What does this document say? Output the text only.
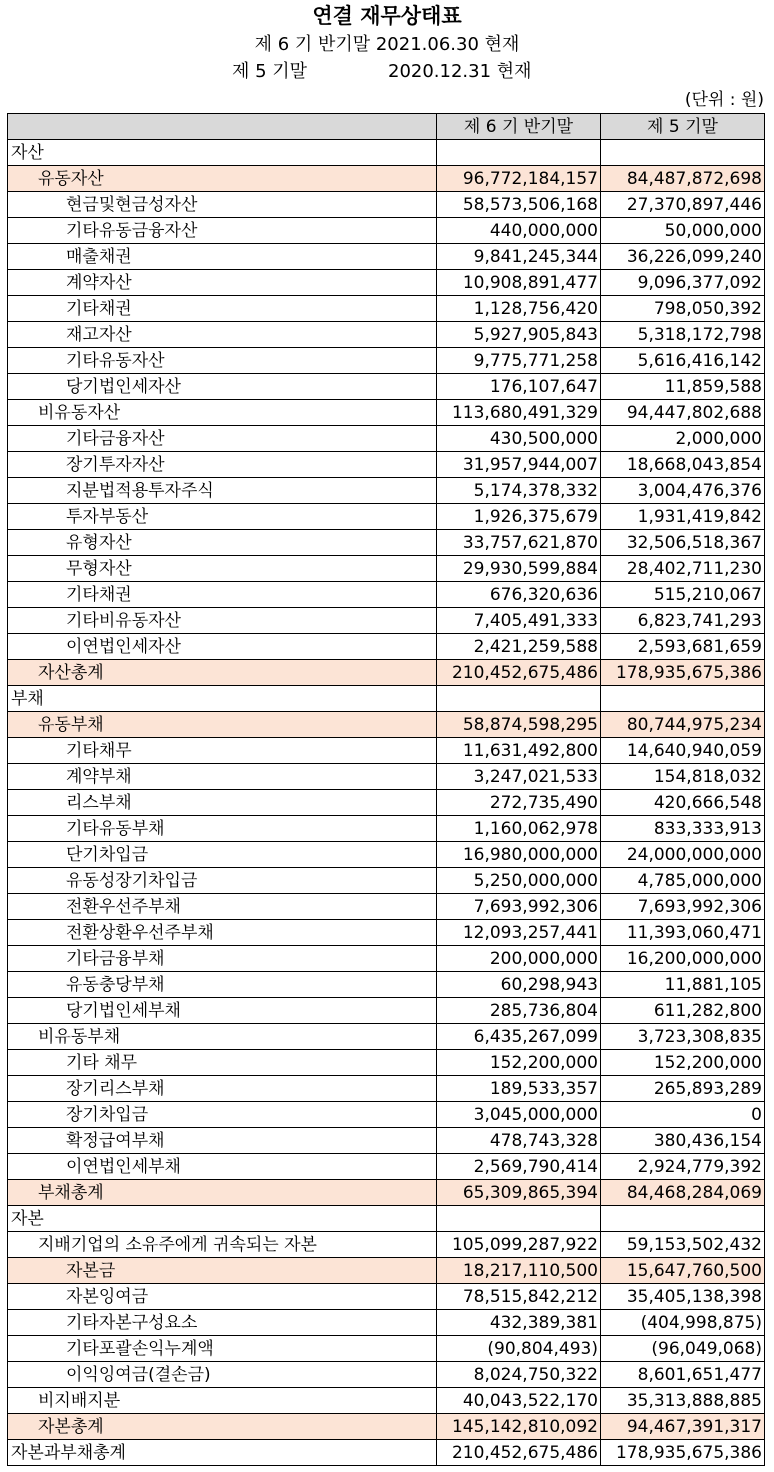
연결 재무상태표
제 6 기 반기말 2021.06.30 현재
제 5 기말	2020.12.31 현재
(단위 : 원)
	제 6 기 반기말	제 5 기말
자산		
유동자산	96,772,184,157	84,487,872,698
현금및현금성자산	58,573,506,168	27,370,897,446
기타유동금융자산	440,000,000	50,000,000
매출채권	9,841,245,344	36,226,099,240
계약자산	10,908,891,477	9,096,377,092
기타채권	1,128,756,420	798,050,392
재고자산	5,927,905,843	5,318,172,798
기타유동자산	9,775,771,258	5,616,416,142
당기법인세자산	176,107,647	11,859,588
비유동자산	113,680,491,329	94,447,802,688
기타금융자산	430,500,000	2,000,000
장기투자자산	31,957,944,007	18,668,043,854
지분법적용투자주식	5,174,378,332	3,004,476,376
투자부동산	1,926,375,679	1,931,419,842
유형자산	33,757,621,870	32,506,518,367
무형자산	29,930,599,884	28,402,711,230
기타채권	676,320,636	515,210,067
기타비유동자산	7,405,491,333	6,823,741,293
이연법인세자산	2,421,259,588	2,593,681,659
자산총계	210,452,675,486	178,935,675,386
부채		
유동부채	58,874,598,295	80,744,975,234
기타채무	11,631,492,800	14,640,940,059
계약부채	3,247,021,533	154,818,032
리스부채	272,735,490	420,666,548
기타유동부채	1,160,062,978	833,333,913
단기차입금	16,980,000,000	24,000,000,000
유동성장기차입금	5,250,000,000	4,785,000,000
전환우선주부채	7,693,992,306	7,693,992,306
전환상환우선주부채	12,093,257,441	11,393,060,471
기타금융부채	200,000,000	16,200,000,000
유동충당부채	60,298,943	11,881,105
당기법인세부채	285,736,804	611,282,800
비유동부채	6,435,267,099	3,723,308,835
기타 채무	152,200,000	152,200,000
장기리스부채	189,533,357	265,893,289
장기차입금	3,045,000,000	0
확정급여부채	478,743,328	380,436,154
이연법인세부채	2,569,790,414	2,924,779,392
부채총계	65,309,865,394	84,468,284,069
자본		
지배기업의 소유주에게 귀속되는 자본	105,099,287,922	59,153,502,432
자본금	18,217,110,500	15,647,760,500
자본잉여금	78,515,842,212	35,405,138,398
기타자본구성요소	432,389,381	(404,998,875)
기타포괄손익누계액	(90,804,493)	(96,049,068)
이익잉여금(결손금)	8,024,750,322	8,601,651,477
비지배지분	40,043,522,170	35,313,888,885
자본총계	145,142,810,092	94,467,391,317
자본과부채총계	210,452,675,486	178,935,675,386
